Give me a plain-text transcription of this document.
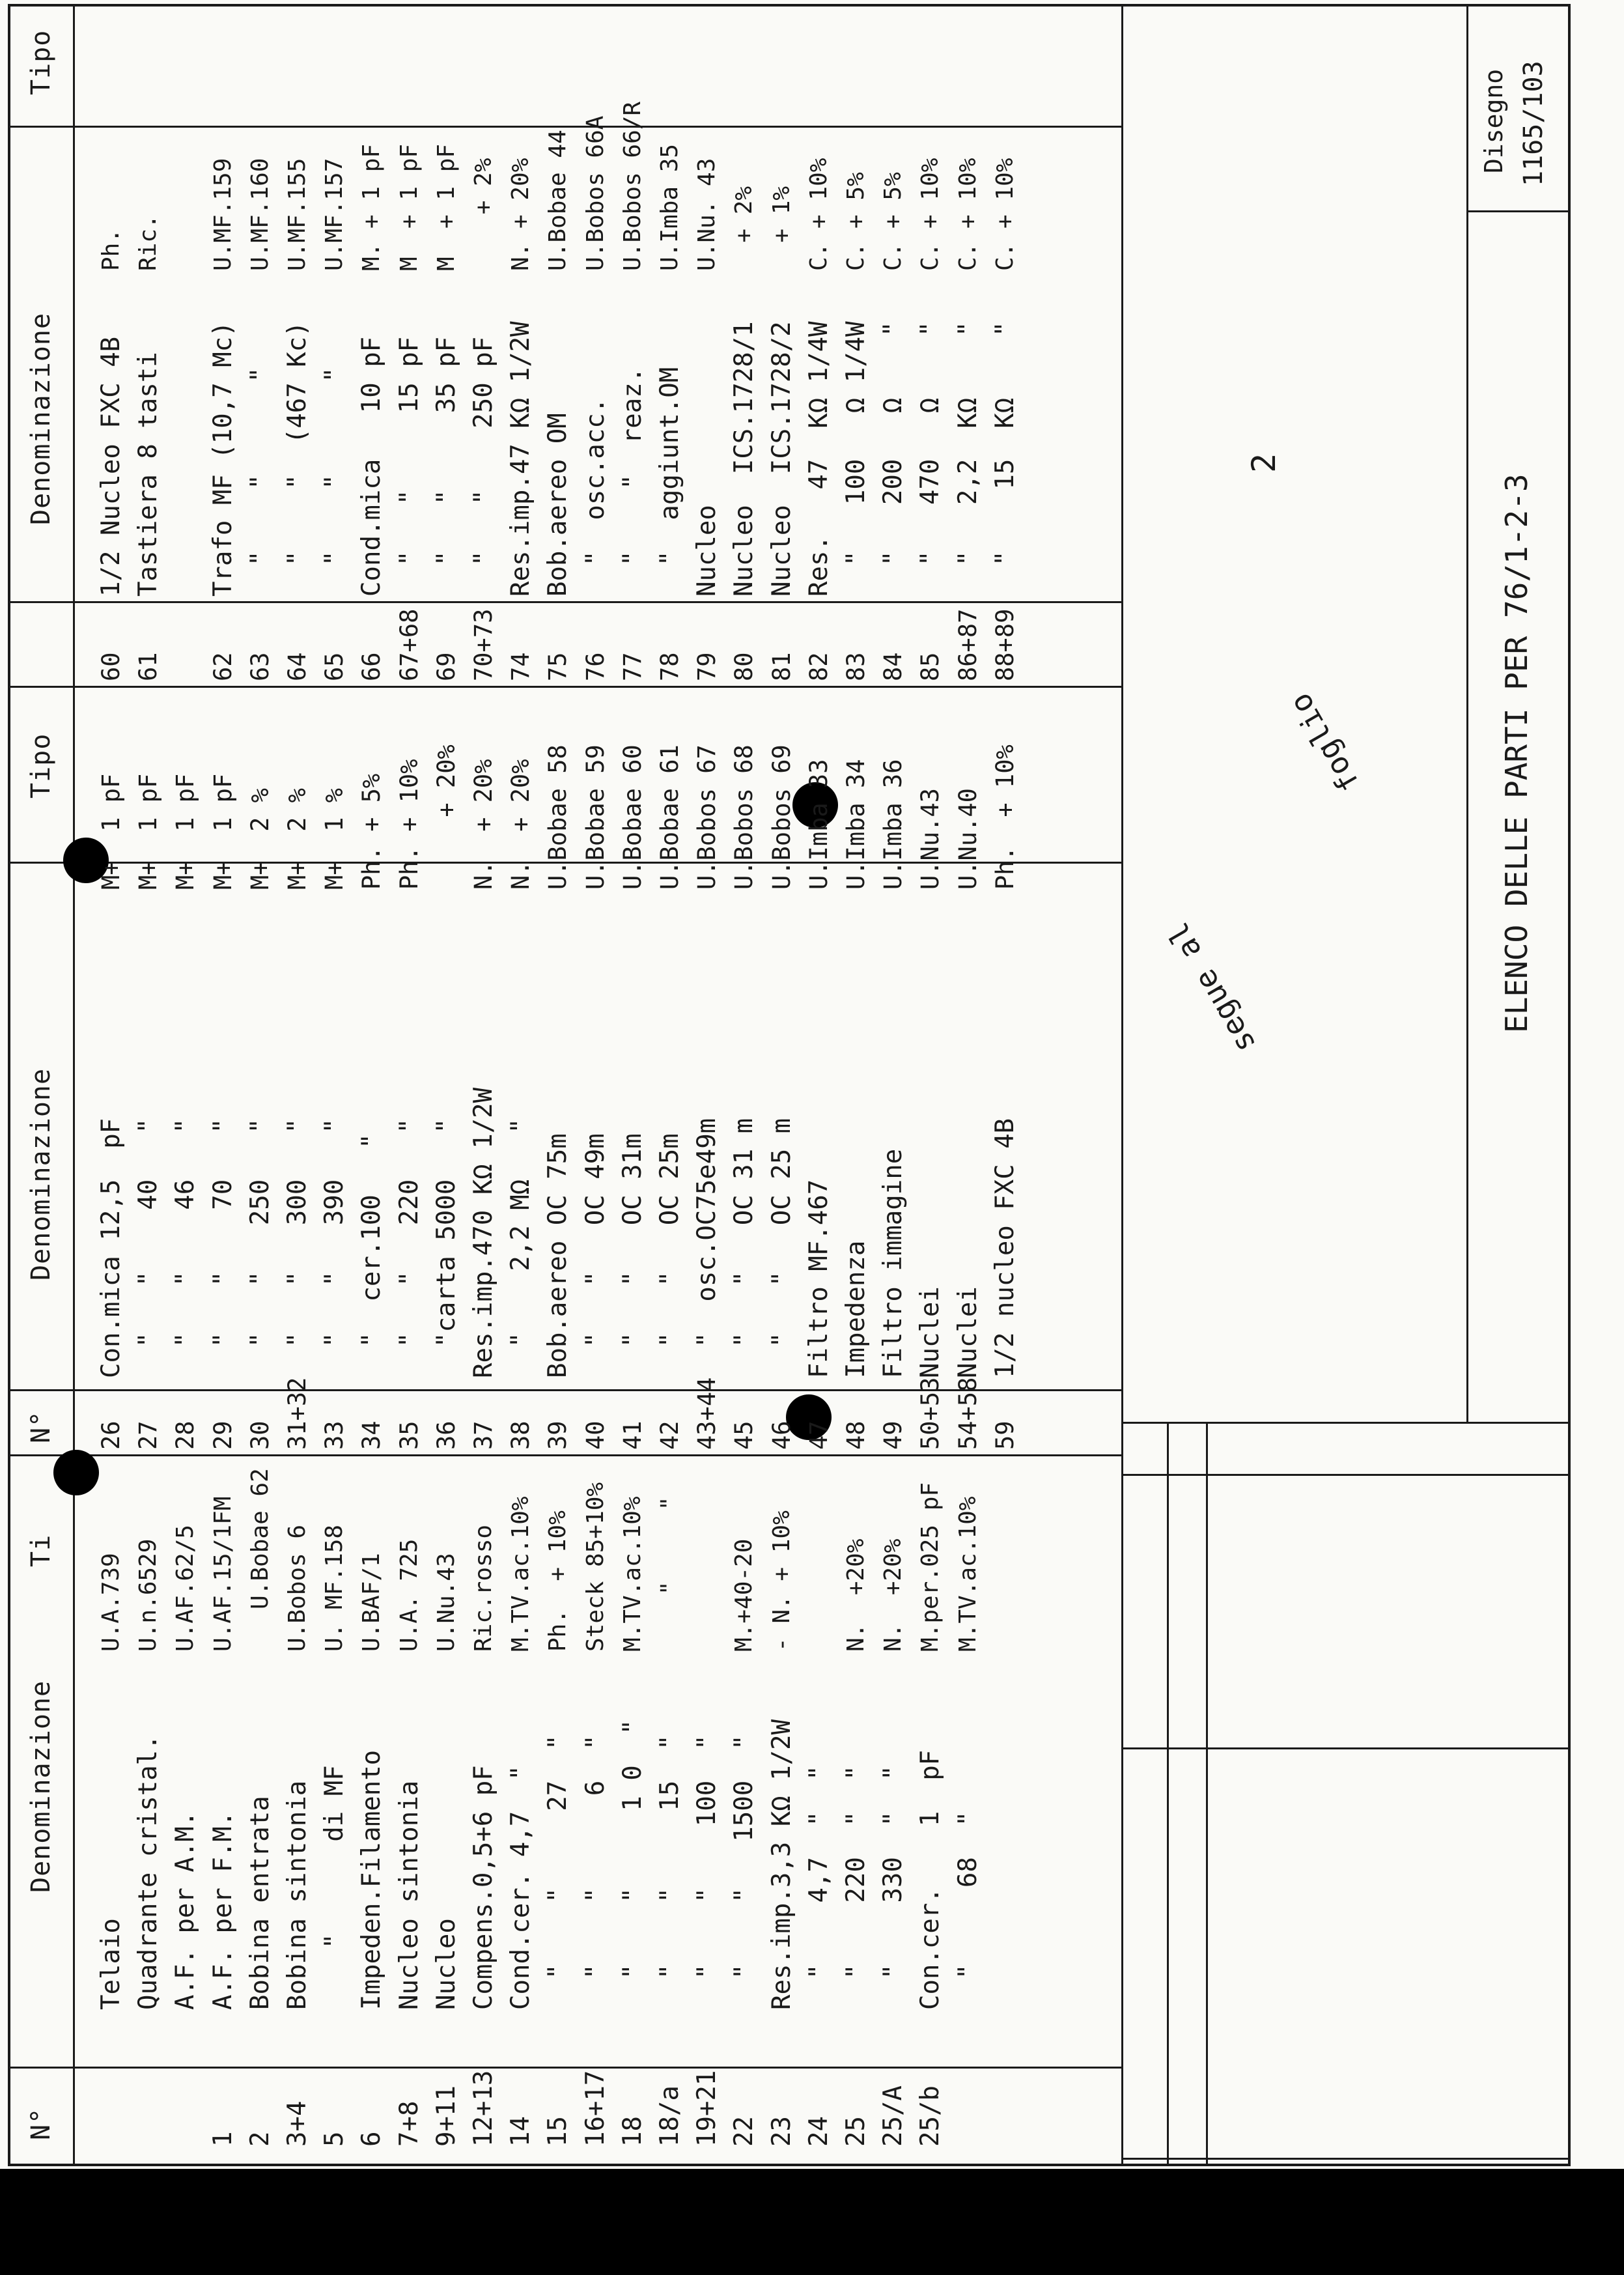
N°
Denominazione
Ti
N°
Denominazione
Tipo
Denominazione
Tipo

1
2
3+4
5
6
7+8
9+11
12+13
14
15
16+17
18
18/a
19+21
22
23
24
25
25/A
25/b
Telaio
Quadrante cristal.
A.F. per A.M.
A.F. per F.M.
Bobina entrata
Bobina sintonia
"      di MF
Impeden.Filamento
Nucleo sintonia
Nucleo
Compens.0,5+6 pF
Cond.cer. 4,7  "
"    "     27  "
"    "      6  "
"    "     1 0  "
"    "     15  "
"    "    100  "
"    "   1500  "
Res.imp.3,3 KΩ 1/2W
"    4,7  "  "
"    220  "  "
"    330  "  "
Con.cer.    1  pF
"     68  "
U.A.739
U.n.6529
U.AF.62/5
U.AF.15/1FM
U.Bobae 62
U.Bobos 6
U. MF.158
U.BAF/1
U.A. 725
U.Nu.43
Ric.rosso
M.TV.ac.10%
Ph.  + 10%
Steck 85+10%
M.TV.ac.10%
"     "

M.+40-20
- N. + 10%

N.  +20%
N.  +20%
M.per.025 pF
M.TV.ac.10%
26
27
28
29
30
31+32
33
34
35
36
37
38
39
40
41
42
43+44
45
46
47
48
49
50+53
54+58
59
Con.mica 12,5  pF
"   "    40   "
"   "    46   "
"   "    70   "
"   "   250   "
"   "   300   "
"   "   390   "
"  cer.100   "
"   "   220   "
"carta 5000   "
Res.imp.470 KΩ 1/2W
"    2,2 MΩ   "
Bob.aereo OC 75m
"   "   OC 49m
"   "   OC 31m
"   "   OC 25m
"  osc.OC75e49m
"   "   OC 31 m
"   "   OC 25 m
Filtro MF.467
Impedenza
Filtro immagine
Nuclei
Nuclei
1/2 nucleo FXC 4B
M+  1 pF
M+  1 pF
M+  1 pF
M+  1 pF
M+  2 %
M+  2 %
M+  1 %
Ph. + 5%
Ph. + 10%
+ 20%
N.  + 20%
N.  + 20%
U.Bobae 58
U.Bobae 59
U.Bobae 60
U.Bobae 61
U.Bobos 67
U.Bobos 68
U.Bobos 69
U.Imba 33
U.Imba 34
U.Imba 36
U.Nu.43
U.Nu.40
Ph.  + 10%
60
61

62
63
64
65
66
67+68
69
70+73
74
75
76
77
78
79
80
81
82
83
84
85
86+87
88+89
1/2 Nucleo FXC 4B
Tastiera 8 tasti

Trafo MF (10,7 Mc)
"    "      "
"    "  (467 Kc)
"    "      "
Cond.mica   10 pF
"   "     15 pF
"   "     35 pF
"   "    250 pF
Res.imp.47 KΩ 1/2W
Bob.aereo OM
"  osc.acc.
"    "  reaz.
"  aggiunt.OM
Nucleo
Nucleo  ICS.1728/1
Nucleo  ICS.1728/2
Res.   47  KΩ 1/4W
"   100   Ω 1/4W
"   200   Ω    "
"   470   Ω    "
"   2,2  KΩ    "
"    15  KΩ    "
Ph.
Ric.

U.MF.159
U.MF.160
U.MF.155
U.MF.157
M. + 1 pF
M  + 1 pF
M  + 1 pF
+ 2%
N. + 20%
U.Bobae 44
U.Bobos 66A
U.Bobos 66/R
U.Imba 35
U.Nu. 43
+ 2%
+ 1%
C. + 10%
C. + 5%
C. + 5%
C. + 10%
C. + 10%
C. + 10%
segue al
foglio
2
ELENCO DELLE PARTI PER 76/1-2-3
Disegno 1165/103
